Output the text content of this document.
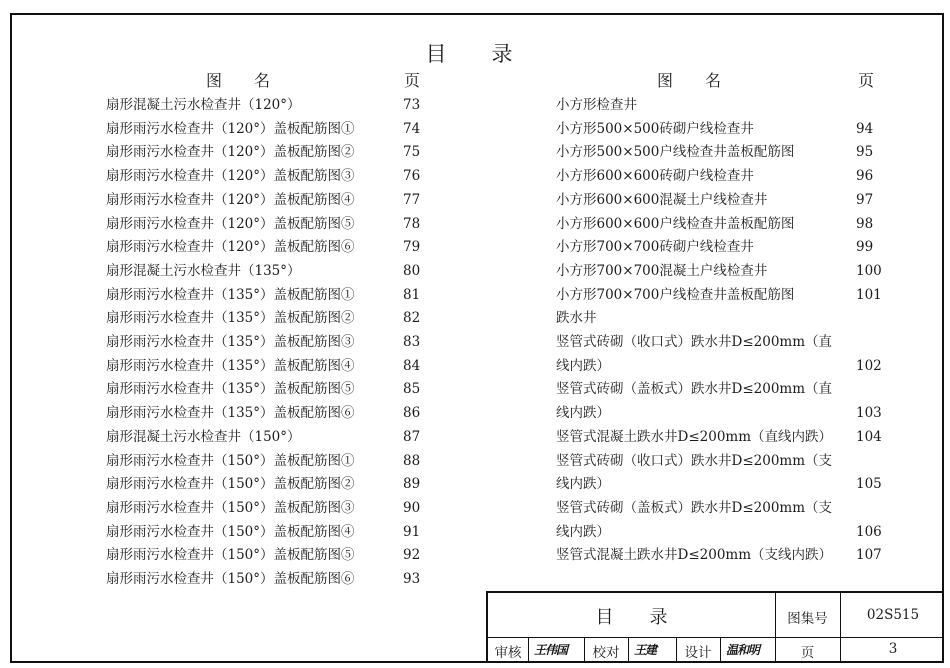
目　录
图　　名	页	图　　名	页
扇形混凝土污水检查井（120°）	73
扇形雨污水检查井（120°）盖板配筋图①	74
扇形雨污水检查井（120°）盖板配筋图②	75
扇形雨污水检查井（120°）盖板配筋图③	76
扇形雨污水检查井（120°）盖板配筋图④	77
扇形雨污水检查井（120°）盖板配筋图⑤	78
扇形雨污水检查井（120°）盖板配筋图⑥	79
扇形混凝土污水检查井（135°）	80
扇形雨污水检查井（135°）盖板配筋图①	81
扇形雨污水检查井（135°）盖板配筋图②	82
扇形雨污水检查井（135°）盖板配筋图③	83
扇形雨污水检查井（135°）盖板配筋图④	84
扇形雨污水检查井（135°）盖板配筋图⑤	85
扇形雨污水检查井（135°）盖板配筋图⑥	86
扇形混凝土污水检查井（150°）	87
扇形雨污水检查井（150°）盖板配筋图①	88
扇形雨污水检查井（150°）盖板配筋图②	89
扇形雨污水检查井（150°）盖板配筋图③	90
扇形雨污水检查井（150°）盖板配筋图④	91
扇形雨污水检查井（150°）盖板配筋图⑤	92
扇形雨污水检查井（150°）盖板配筋图⑥	93
小方形检查井
小方形500×500砖砌户线检查井	94
小方形500×500户线检查井盖板配筋图	95
小方形600×600砖砌户线检查井	96
小方形600×600混凝土户线检查井	97
小方形600×600户线检查井盖板配筋图	98
小方形700×700砖砌户线检查井	99
小方形700×700混凝土户线检查井	100
小方形700×700户线检查井盖板配筋图	101
跌水井
竖管式砖砌（收口式）跌水井D≤200mm（直
线内跌）	102
竖管式砖砌（盖板式）跌水井D≤200mm（直
线内跌）	103
竖管式混凝土跌水井D≤200mm（直线内跌） 104
竖管式砖砌（收口式）跌水井D≤200mm（支
线内跌）	105
竖管式砖砌（盖板式）跌水井D≤200mm（支
线内跌）	106
竖管式混凝土跌水井D≤200mm（支线内跌） 107
目　　录	图集号	02S515
审核	王伟国	校对	王建	设计	温和明	页	3
